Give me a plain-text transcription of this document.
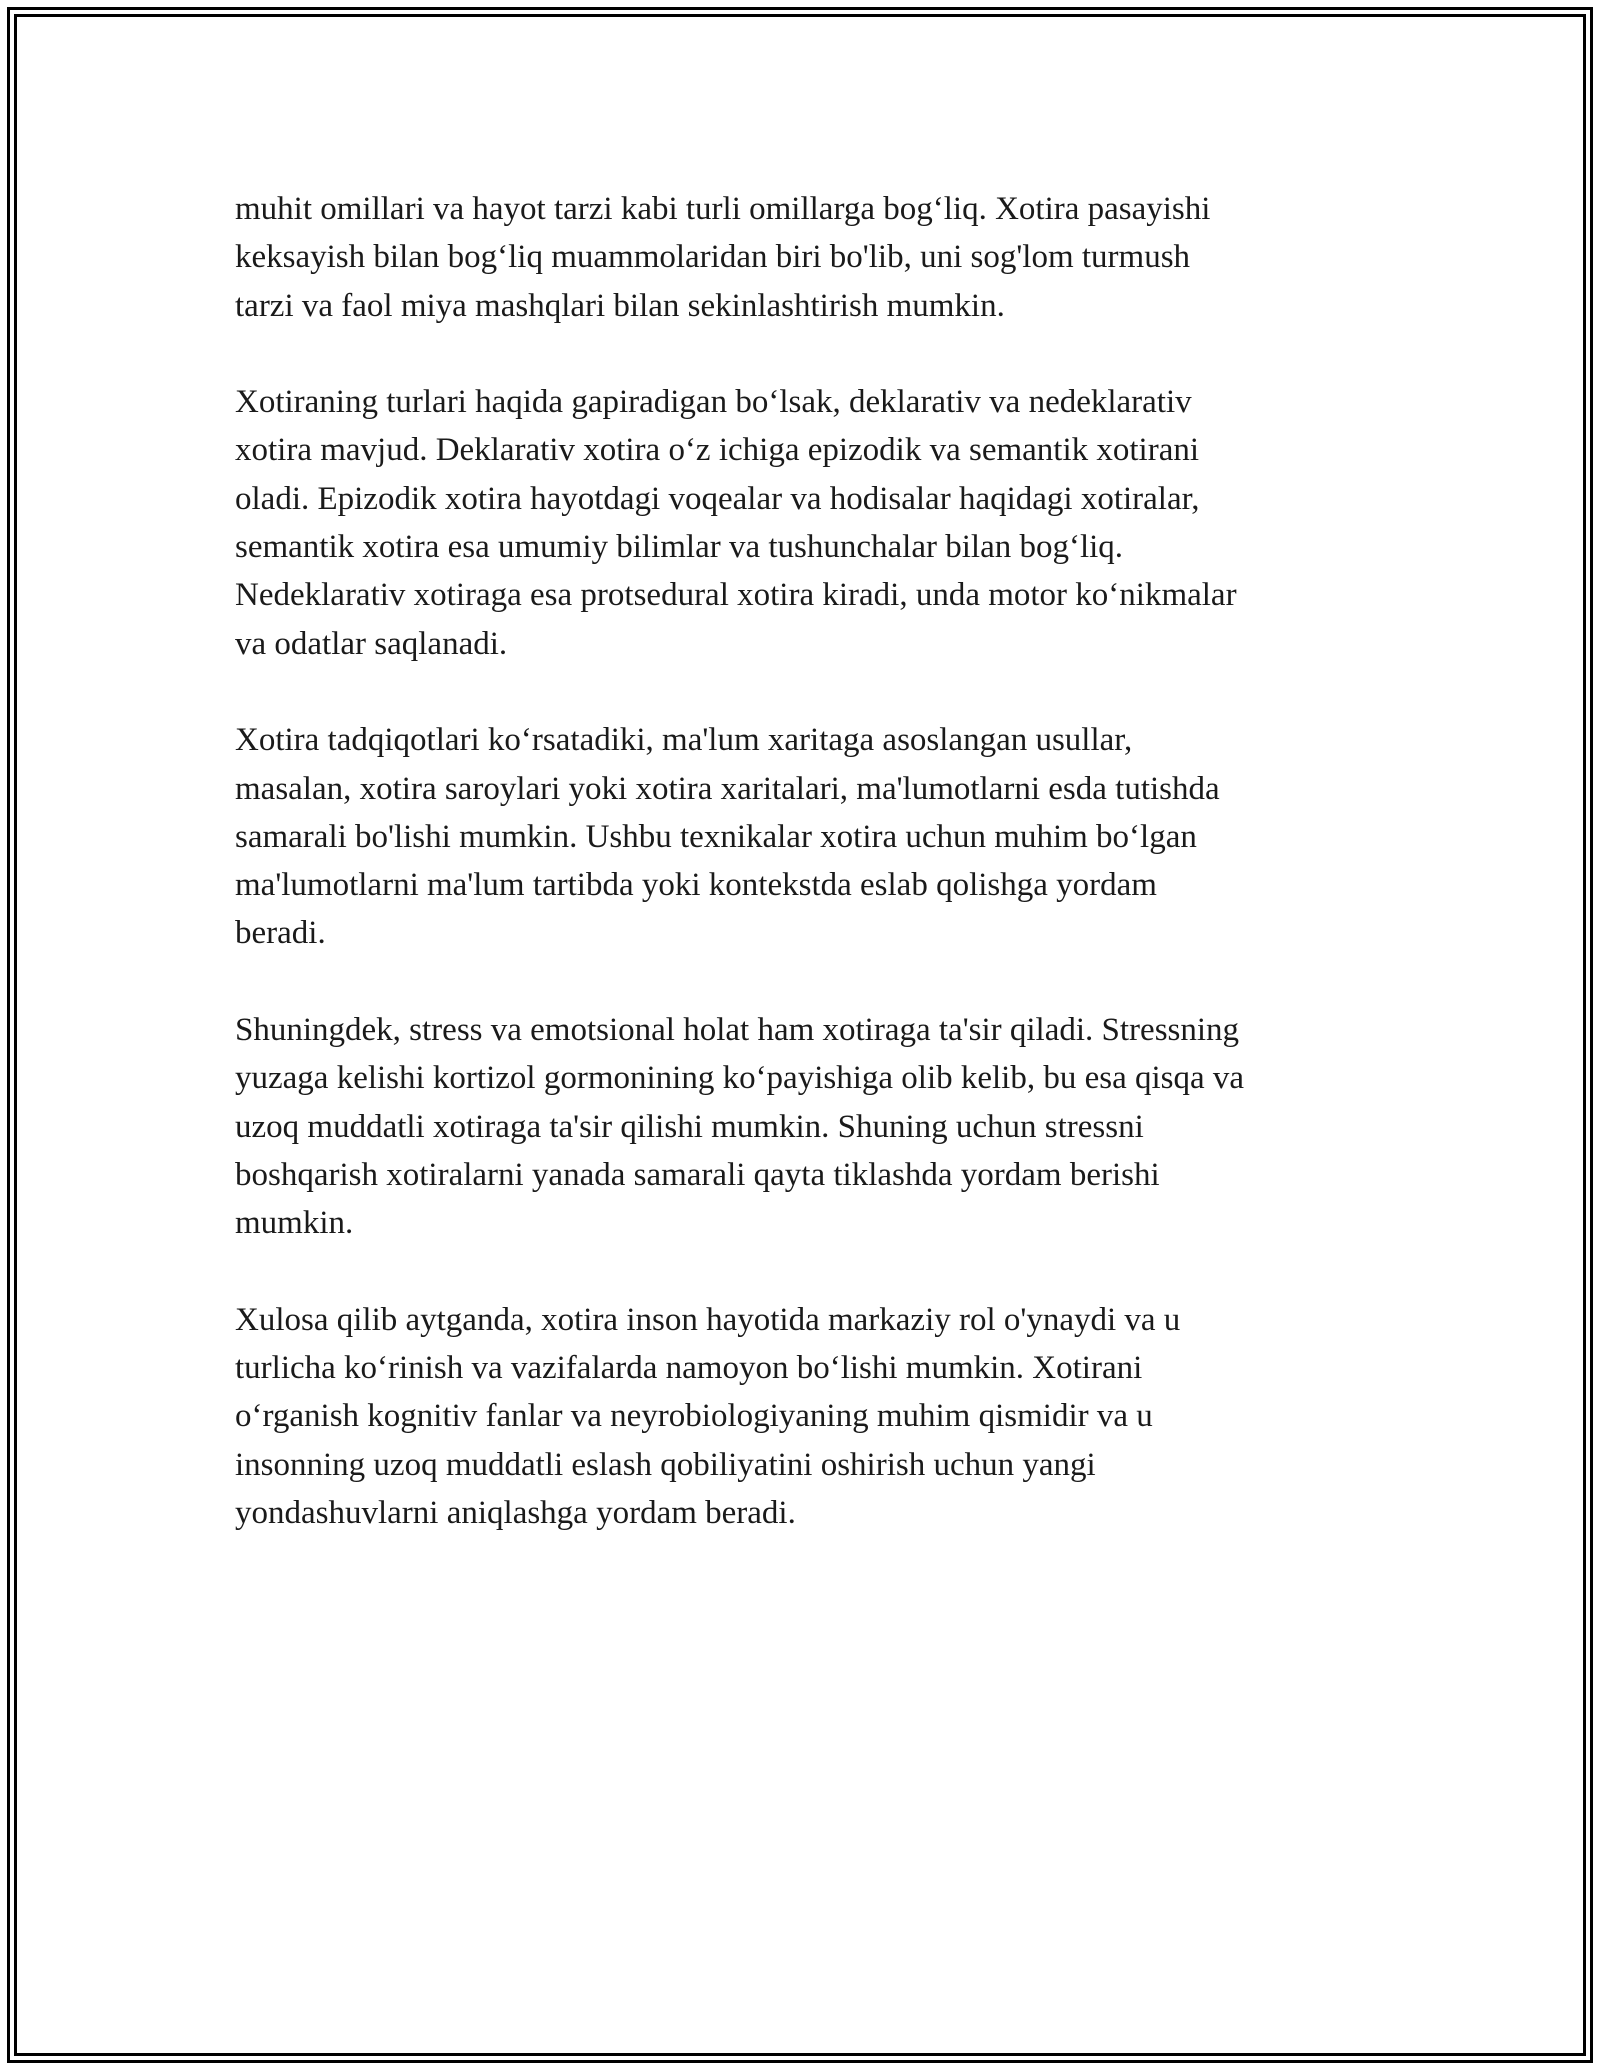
muhit omillari va hayot tarzi kabi turli omillarga bog‘liq. Xotira pasayishi
keksayish bilan bog‘liq muammolaridan biri bo'lib, uni sog'lom turmush
tarzi va faol miya mashqlari bilan sekinlashtirish mumkin.

Xotiraning turlari haqida gapiradigan bo‘lsak, deklarativ va nedeklarativ
xotira mavjud. Deklarativ xotira o‘z ichiga epizodik va semantik xotirani
oladi. Epizodik xotira hayotdagi voqealar va hodisalar haqidagi xotiralar,
semantik xotira esa umumiy bilimlar va tushunchalar bilan bog‘liq.
Nedeklarativ xotiraga esa protsedural xotira kiradi, unda motor ko‘nikmalar
va odatlar saqlanadi.

Xotira tadqiqotlari ko‘rsatadiki, ma'lum xaritaga asoslangan usullar,
masalan, xotira saroylari yoki xotira xaritalari, ma'lumotlarni esda tutishda
samarali bo'lishi mumkin. Ushbu texnikalar xotira uchun muhim bo‘lgan
ma'lumotlarni ma'lum tartibda yoki kontekstda eslab qolishga yordam
beradi.

Shuningdek, stress va emotsional holat ham xotiraga ta'sir qiladi. Stressning
yuzaga kelishi kortizol gormonining ko‘payishiga olib kelib, bu esa qisqa va
uzoq muddatli xotiraga ta'sir qilishi mumkin. Shuning uchun stressni
boshqarish xotiralarni yanada samarali qayta tiklashda yordam berishi
mumkin.

Xulosa qilib aytganda, xotira inson hayotida markaziy rol o'ynaydi va u
turlicha ko‘rinish va vazifalarda namoyon bo‘lishi mumkin. Xotirani
o‘rganish kognitiv fanlar va neyrobiologiyaning muhim qismidir va u
insonning uzoq muddatli eslash qobiliyatini oshirish uchun yangi
yondashuvlarni aniqlashga yordam beradi.
